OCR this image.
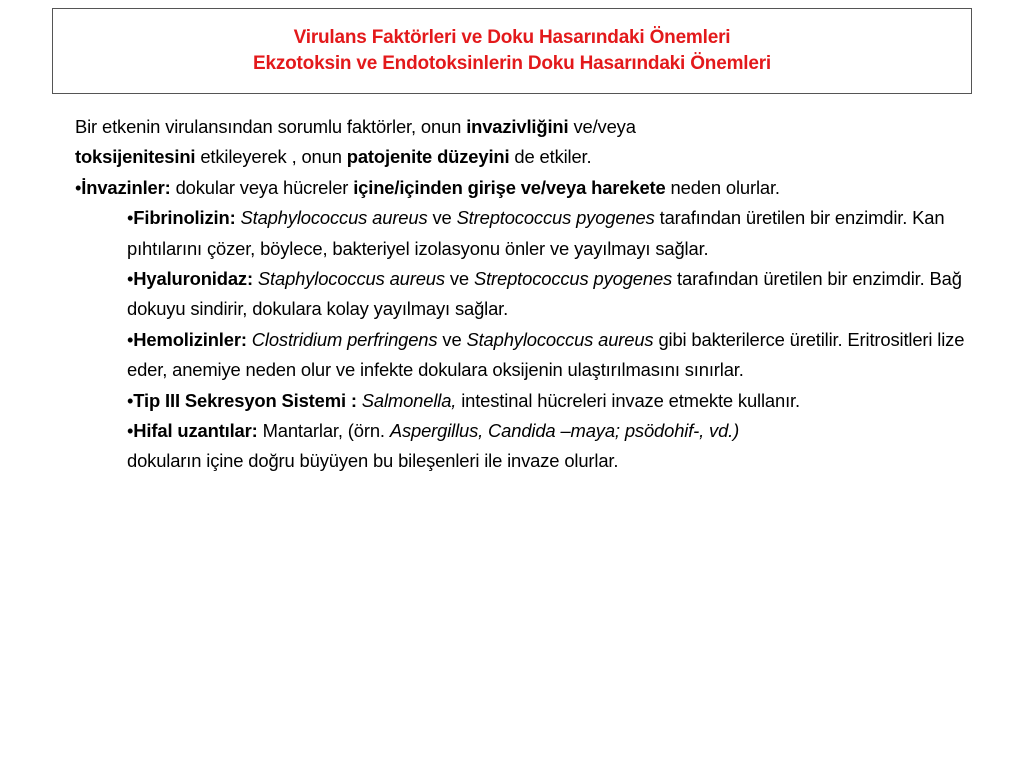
Virulans Faktörleri ve Doku Hasarındaki Önemleri
Ekzotoksin ve Endotoksinlerin Doku Hasarındaki Önemleri

Bir etkenin virulansından sorumlu faktörler, onun invazivliğini ve/veya
toksijenitesini etkileyerek , onun patojenite düzeyini de etkiler.

•İnvazinler: dokular veya hücreler içine/içinden girişe ve/veya harekete neden olurlar.

•Fibrinolizin: Staphylococcus aureus ve Streptococcus pyogenes tarafından üretilen bir enzimdir. Kan pıhtılarını çözer, böylece, bakteriyel izolasyonu önler ve yayılmayı sağlar.

•Hyaluronidaz: Staphylococcus aureus ve Streptococcus pyogenes tarafından üretilen bir enzimdir. Bağ dokuyu sindirir, dokulara kolay yayılmayı sağlar.

•Hemolizinler: Clostridium perfringens ve Staphylococcus aureus gibi bakterilerce üretilir. Eritrositleri lize eder, anemiye neden olur ve infekte dokulara oksijenin ulaştırılmasını sınırlar.

•Tip III Sekresyon Sistemi : Salmonella, intestinal hücreleri invaze etmekte kullanır.

•Hifal uzantılar: Mantarlar, (örn. Aspergillus, Candida –maya; psödohif-, vd.)
dokuların içine doğru büyüyen bu bileşenleri ile invaze olurlar.
